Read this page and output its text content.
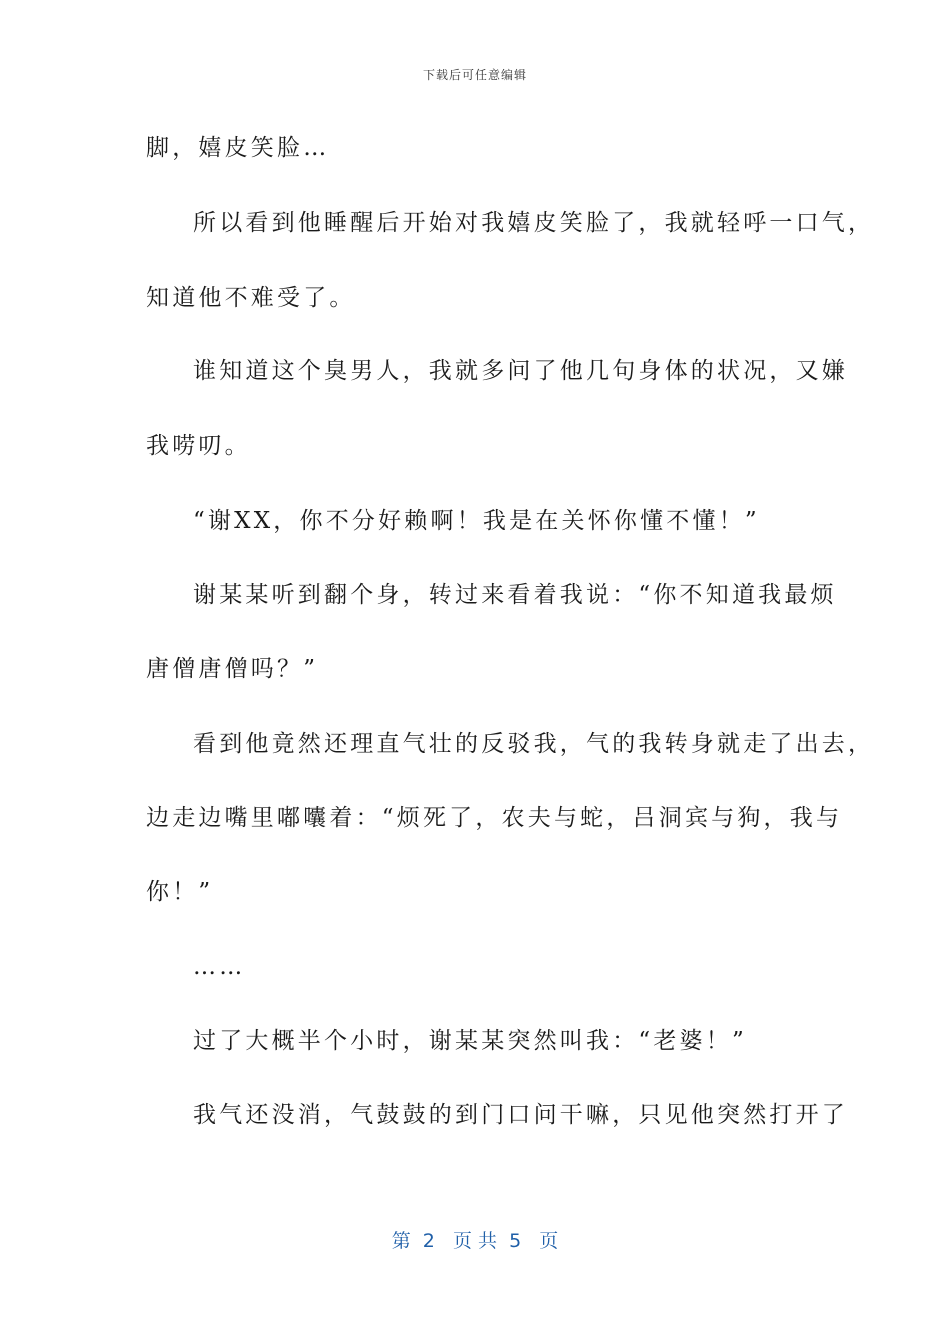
下载后可任意编辑
脚，嬉皮笑脸…
所以看到他睡醒后开始对我嬉皮笑脸了，我就轻呼一口气，
知道他不难受了。
谁知道这个臭男人，我就多问了他几句身体的状况，又嫌
我唠叨。
“谢XX，你不分好赖啊！我是在关怀你懂不懂！”
谢某某听到翻个身，转过来看着我说：“你不知道我最烦
唐僧唐僧吗？”
看到他竟然还理直气壮的反驳我，气的我转身就走了出去，
边走边嘴里嘟囔着：“烦死了，农夫与蛇，吕洞宾与狗，我与
你！”
……
过了大概半个小时，谢某某突然叫我：“老婆！”
我气还没消，气鼓鼓的到门口问干嘛，只见他突然打开了
第  2   页 共  5   页
